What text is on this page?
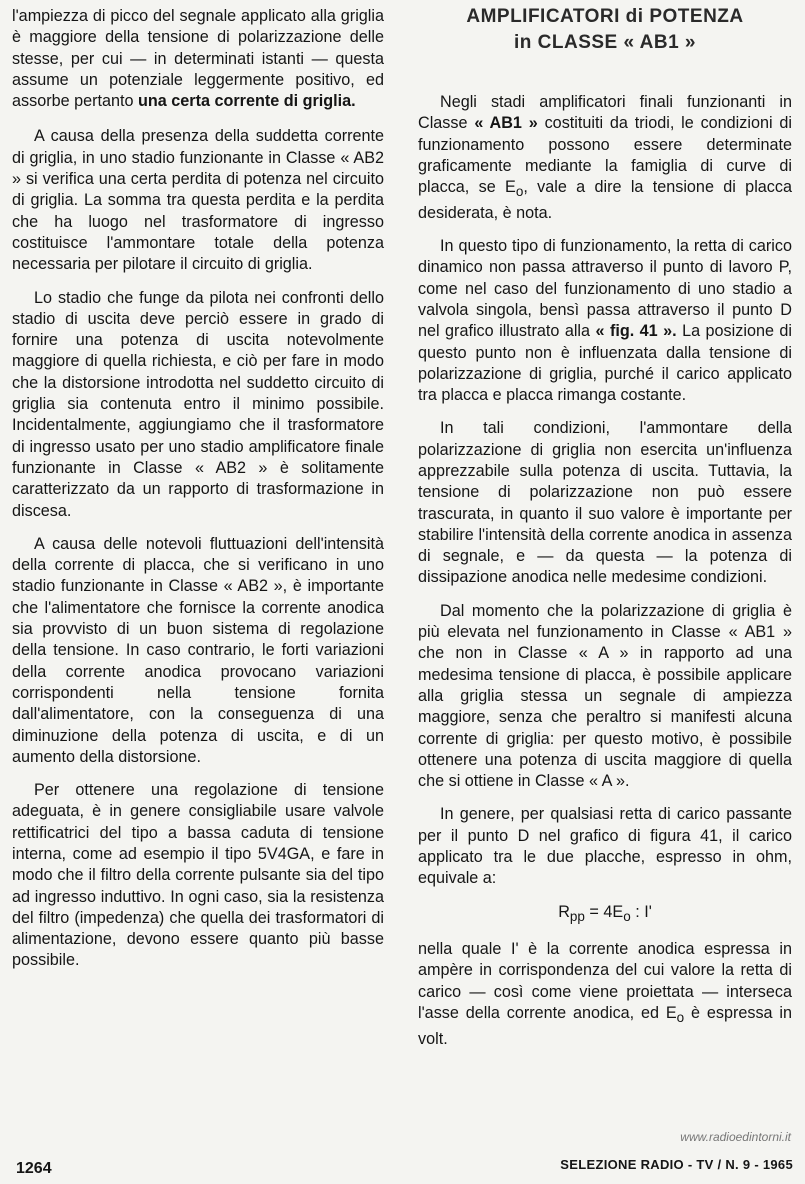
l'ampiezza di picco del segnale applicato alla griglia è maggiore della tensione di polarizzazione delle stesse, per cui — in determinati istanti — questa assume un potenziale leggermente positivo, ed assorbe pertanto una certa corrente di griglia.

A causa della presenza della suddetta corrente di griglia, in uno stadio funzionante in Classe « AB2 » si verifica una certa perdita di potenza nel circuito di griglia. La somma tra questa perdita e la perdita che ha luogo nel trasformatore di ingresso costituisce l'ammontare totale della potenza necessaria per pilotare il circuito di griglia.

Lo stadio che funge da pilota nei confronti dello stadio di uscita deve perciò essere in grado di fornire una potenza di uscita notevolmente maggiore di quella richiesta, e ciò per fare in modo che la distorsione introdotta nel suddetto circuito di griglia sia contenuta entro il minimo possibile. Incidentalmente, aggiungiamo che il trasformatore di ingresso usato per uno stadio amplificatore finale funzionante in Classe « AB2 » è solitamente caratterizzato da un rapporto di trasformazione in discesa.

A causa delle notevoli fluttuazioni dell'intensità della corrente di placca, che si verificano in uno stadio funzionante in Classe « AB2 », è importante che l'alimentatore che fornisce la corrente anodica sia provvisto di un buon sistema di regolazione della tensione. In caso contrario, le forti variazioni della corrente anodica provocano variazioni corrispondenti nella tensione fornita dall'alimentatore, con la conseguenza di una diminuzione della potenza di uscita, e di un aumento della distorsione.

Per ottenere una regolazione di tensione adeguata, è in genere consigliabile usare valvole rettificatrici del tipo a bassa caduta di tensione interna, come ad esempio il tipo 5V4GA, e fare in modo che il filtro della corrente pulsante sia del tipo ad ingresso induttivo. In ogni caso, sia la resistenza del filtro (impedenza) che quella dei trasformatori di alimentazione, devono essere quanto più basse possibile.

AMPLIFICATORI di POTENZA
in CLASSE « AB1 »

Negli stadi amplificatori finali funzionanti in Classe « AB1 » costituiti da triodi, le condizioni di funzionamento possono essere determinate graficamente mediante la famiglia di curve di placca, se $E_o$, vale a dire la tensione di placca desiderata, è nota.

In questo tipo di funzionamento, la retta di carico dinamico non passa attraverso il punto di lavoro P, come nel caso del funzionamento di uno stadio a valvola singola, bensì passa attraverso il punto D nel grafico illustrato alla « fig. 41 ». La posizione di questo punto non è influenzata dalla tensione di polarizzazione di griglia, purché il carico applicato tra placca e placca rimanga costante.

In tali condizioni, l'ammontare della polarizzazione di griglia non esercita un'influenza apprezzabile sulla potenza di uscita. Tuttavia, la tensione di polarizzazione non può essere trascurata, in quanto il suo valore è importante per stabilire l'intensità della corrente anodica in assenza di segnale, e — da questa — la potenza di dissipazione anodica nelle medesime condizioni.

Dal momento che la polarizzazione di griglia è più elevata nel funzionamento in Classe « AB1 » che non in Classe « A » in rapporto ad una medesima tensione di placca, è possibile applicare alla griglia stessa un segnale di ampiezza maggiore, senza che peraltro si manifesti alcuna corrente di griglia: per questo motivo, è possibile ottenere una potenza di uscita maggiore di quella che si ottiene in Classe « A ».

In genere, per qualsiasi retta di carico passante per il punto D nel grafico di figura 41, il carico applicato tra le due placche, espresso in ohm, equivale a:

$R_{pp} = 4E_o$ : I'

nella quale I' è la corrente anodica espressa in ampère in corrispondenza del cui valore la retta di carico — così come viene proiettata — interseca l'asse della corrente anodica, ed $E_o$ è espressa in volt.

www.radioedintorni.it
1264	SELEZIONE RADIO - TV / N. 9 - 1965
